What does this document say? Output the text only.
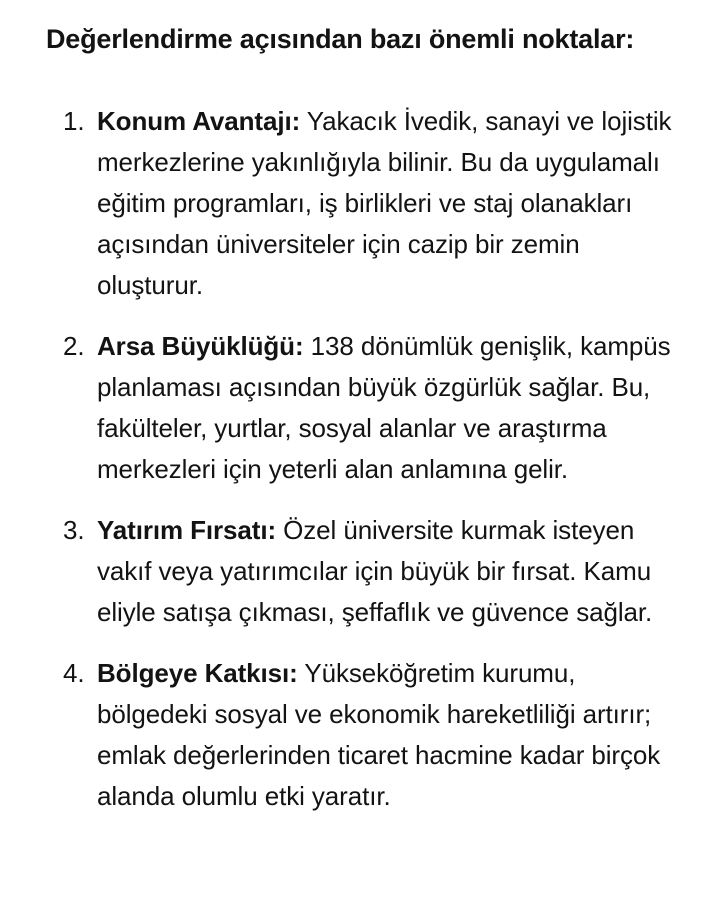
Değerlendirme açısından bazı önemli noktalar:
1. Konum Avantajı: Yakacık İvedik, sanayi ve lojistik merkezlerine yakınlığıyla bilinir. Bu da uygulamalı eğitim programları, iş birlikleri ve staj olanakları açısından üniversiteler için cazip bir zemin oluşturur.
2. Arsa Büyüklüğü: 138 dönümlük genişlik, kampüs planlaması açısından büyük özgürlük sağlar. Bu, fakülteler, yurtlar, sosyal alanlar ve araştırma merkezleri için yeterli alan anlamına gelir.
3. Yatırım Fırsatı: Özel üniversite kurmak isteyen vakıf veya yatırımcılar için büyük bir fırsat. Kamu eliyle satışa çıkması, şeffaflık ve güvence sağlar.
4. Bölgeye Katkısı: Yükseköğretim kurumu, bölgedeki sosyal ve ekonomik hareketliliği artırır; emlak değerlerinden ticaret hacmine kadar birçok alanda olumlu etki yaratır.
